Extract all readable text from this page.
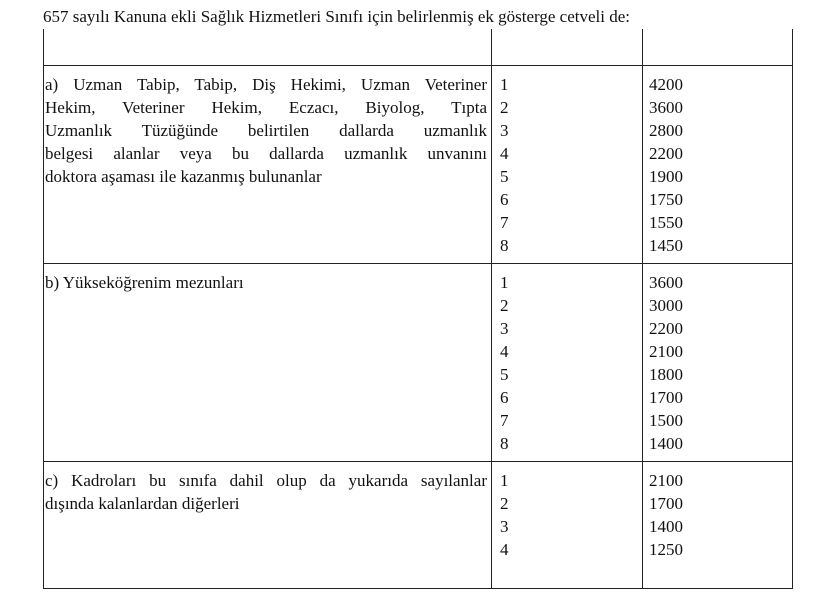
657 sayılı Kanuna ekli Sağlık Hizmetleri Sınıfı için belirlenmiş ek gösterge cetveli de:
a) Uzman Tabip, Tabip, Diş Hekimi, Uzman Veteriner
Hekim, Veteriner Hekim, Eczacı, Biyolog, Tıpta
Uzmanlık Tüzüğünde belirtilen dallarda uzmanlık
belgesi alanlar veya bu dallarda uzmanlık unvanını
doktora aşaması ile kazanmış bulunanlar
1
2
3
4
5
6
7
8
4200
3600
2800
2200
1900
1750
1550
1450
b) Yükseköğrenim mezunları	1
2
3
4
5
6
7
8
3600
3000
2200
2100
1800
1700
1500
1400
c) Kadroları bu sınıfa dahil olup da yukarıda sayılanlar
dışında kalanlardan diğerleri
1
2
3
4
2100
1700
1400
1250
